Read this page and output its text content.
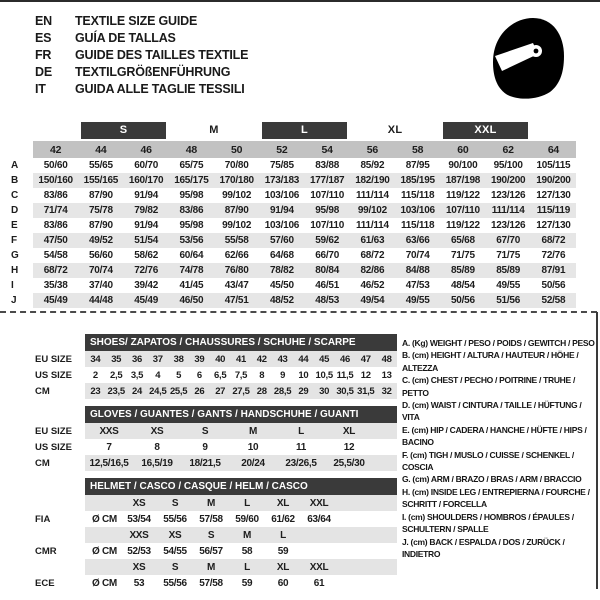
EN	TEXTILE SIZE GUIDE
ES	GUÍA DE TALLAS
FR	GUIDE DES TAILLES TEXTILE
DE	TEXTILGRÖßENFÜHRUNG
IT	GUIDA ALLE TAGLIE TESSILI

		S		M		L		XL		XXL		

	42	44	46	48	50	52	54	56	58	60	62	64
A	50/60	55/65	60/70	65/75	70/80	75/85	83/88	85/92	87/95	90/100	95/100	105/115
B	150/160	155/165	160/170	165/175	170/180	173/183	177/187	182/190	185/195	187/198	190/200	190/200
C	83/86	87/90	91/94	95/98	99/102	103/106	107/110	111/114	115/118	119/122	123/126	127/130
D	71/74	75/78	79/82	83/86	87/90	91/94	95/98	99/102	103/106	107/110	111/114	115/119
E	83/86	87/90	91/94	95/98	99/102	103/106	107/110	111/114	115/118	119/122	123/126	127/130
F	47/50	49/52	51/54	53/56	55/58	57/60	59/62	61/63	63/66	65/68	67/70	68/72
G	54/58	56/60	58/62	60/64	62/66	64/68	66/70	68/72	70/74	71/75	71/75	72/76
H	68/72	70/74	72/76	74/78	76/80	78/82	80/84	82/86	84/88	85/89	85/89	87/91
I	35/38	37/40	39/42	41/45	43/47	45/50	46/51	46/52	47/53	48/54	49/55	50/56
J	45/49	44/48	45/49	46/50	47/51	48/52	48/53	49/54	49/55	50/56	51/56	52/58
	SHOES/ ZAPATOS / CHAUSSURES / SCHUHE / SCARPE														
EU SIZE	34	35	36	37	38	39	40	41	42	43	44	45	46	47	48
US SIZE	2	2,5	3,5	4	5	6	6,5	7,5	8	9	10	10,5	11,5	12	13
CM	23	23,5	24	24,5	25,5	26	27	27,5	28	28,5	29	30	30,5	31,5	32
	GLOVES / GUANTES / GANTS / HANDSCHUHE / GUANTI						
EU SIZE	XXS	XS	S	M	L	XL	
US SIZE	7	8	9	10	11	12	
CM	12,5/16,5	16,5/19	18/21,5	20/24	23/26,5	25,5/30	
	HELMET / CASCO / CASQUE / HELM / CASCO							
		XS	S	M	L	XL	XXL	
FIA	Ø CM	53/54	55/56	57/58	59/60	61/62	63/64	
		XXS	XS	S	M	L		
CMR	Ø CM	52/53	54/55	56/57	58	59		
		XS	S	M	L	XL	XXL	
ECE	Ø CM	53	55/56	57/58	59	60	61	
A. (Kg) WEIGHT / PESO / POIDS / GEWITCH / PESO
B. (cm) HEIGHT / ALTURA / HAUTEUR / HÖHE / ALTEZZA
C. (cm) CHEST / PECHO / POITRINE / TRUHE / PETTO
D. (cm) WAIST / CINTURA / TAILLE / HÜFTUNG / VITA
E. (cm) HIP / CADERA / HANCHE / HÜFTE / HIPS / BACINO
F. (cm) TIGH / MUSLO / CUISSE / SCHENKEL / COSCIA
G. (cm) ARM / BRAZO / BRAS / ARM / BRACCIO
H. (cm) INSIDE LEG / ENTREPIERNA / FOURCHE / SCHRITT / FORCELLA
I. (cm) SHOULDERS / HOMBROS / ÉPAULES / SCHULTERN / SPALLE
J. (cm) BACK / ESPALDA / DOS / ZURÜCK / INDIETRO
